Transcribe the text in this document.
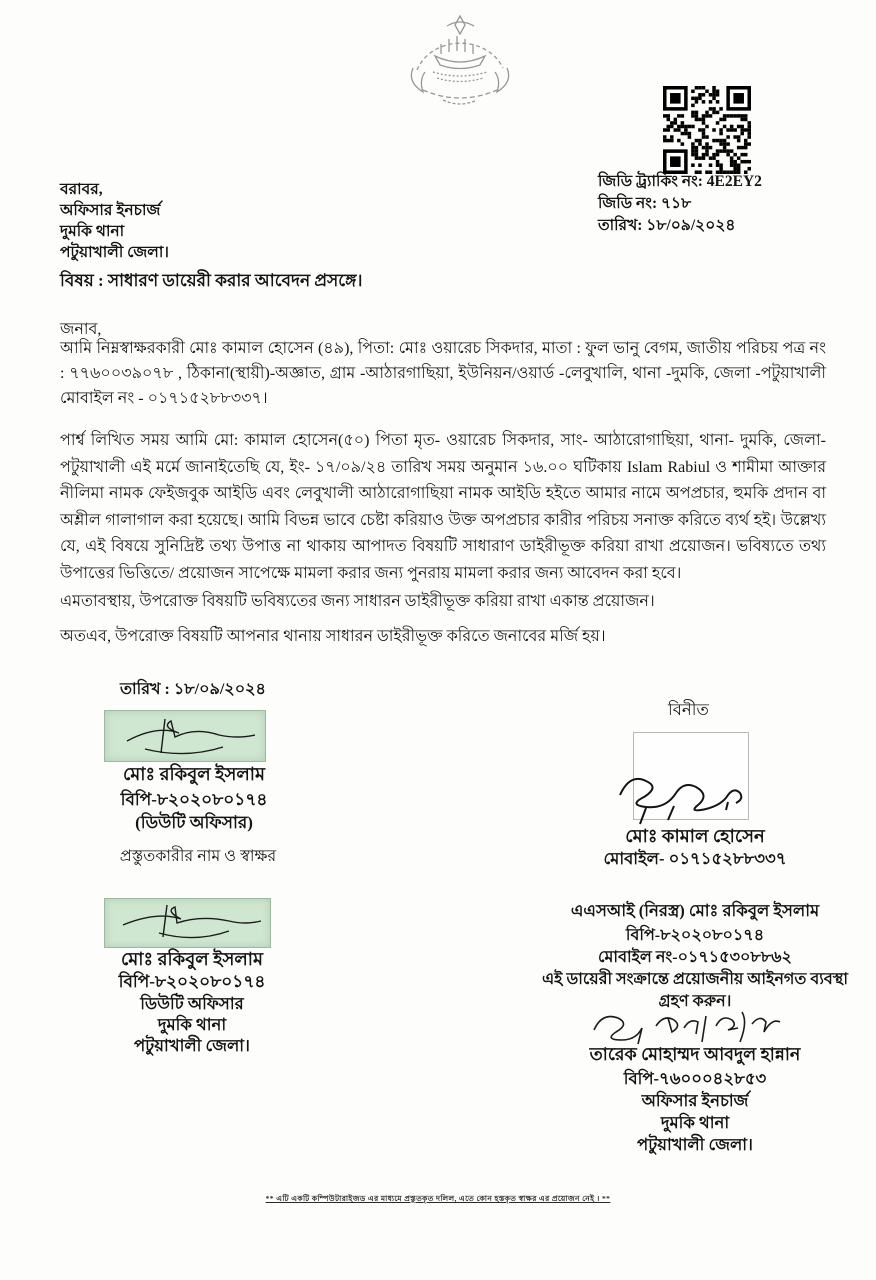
জিডি ট্র্যাকিং নং: 4E2EY2
জিডি নং: ৭১৮
তারিখ: ১৮/০৯/২০২৪
বরাবর,
অফিসার ইনচার্জ
দুমকি থানা
পটুয়াখালী জেলা।
বিষয় : সাধারণ ডায়েরী করার আবেদন প্রসঙ্গে।
জনাব,
আমি নিম্নস্বাক্ষরকারী মোঃ কামাল হোসেন (৪৯), পিতা: মোঃ ওয়ারেচ সিকদার, মাতা : ফুল ভানু বেগম, জাতীয় পরিচয় পত্র নং : ৭৭৬০০৩৯০৭৮ , ঠিকানা(স্থায়ী)-অজ্ঞাত, গ্রাম -আঠারগাছিয়া, ইউনিয়ন/ওয়ার্ড -লেবুখালি, থানা -দুমকি, জেলা -পটুয়াখালী মোবাইল নং - ০১৭১৫২৮৮৩৩৭।
পার্শ্ব লিখিত সময় আমি মো: কামাল হোসেন(৫০) পিতা মৃত- ওয়ারেচ সিকদার, সাং- আঠারোগাছিয়া, থানা- দুমকি, জেলা- পটুয়াখালী এই মর্মে জানাইতেছি যে, ইং- ১৭/০৯/২৪ তারিখ সময় অনুমান ১৬.০০ ঘটিকায় Islam Rabiul ও শামীমা আক্তার নীলিমা নামক ফেইজবুক আইডি এবং লেবুখালী আঠারোগাছিয়া নামক আইডি হইতে আমার নামে অপপ্রচার, হুমকি প্রদান বা অশ্লীল গালাগাল করা হয়েছে। আমি বিভন্ন ভাবে চেষ্টা করিয়াও উক্ত অপপ্রচার কারীর পরিচয় সনাক্ত করিতে ব্যর্থ হই। উল্লেখ্য যে, এই বিষয়ে সুনিদ্রিষ্ট তথ্য উপাত্ত না থাকায় আপাদত বিষয়টি সাধারাণ ডাইরীভূক্ত করিয়া রাখা প্রয়োজন। ভবিষ্যতে তথ্য উপাত্তের ভিত্তিতে/ প্রয়োজন সাপেক্ষে মামলা করার জন্য পুনরায় মামলা করার জন্য আবেদন করা হবে।
এমতাবস্থায়, উপরোক্ত বিষয়টি ভবিষ্যতের জন্য সাধারন ডাইরীভূক্ত করিয়া রাখা একান্ত প্রয়োজন।
অতএব, উপরোক্ত বিষয়টি আপনার থানায় সাধারন ডাইরীভূক্ত করিতে জনাবের মর্জি হয়।
তারিখ : ১৮/০৯/২০২৪
মোঃ রকিবুল ইসলাম
বিপি-৮২০২০৮০১৭৪
(ডিউটি অফিসার)
প্রস্তুতকারীর নাম ও স্বাক্ষর
বিনীত
মোঃ কামাল হোসেন
মোবাইল- ০১৭১৫২৮৮৩৩৭
মোঃ রকিবুল ইসলাম
বিপি-৮২০২০৮০১৭৪
ডিউটি অফিসার
দুমকি থানা
পটুয়াখালী জেলা।
এএসআই (নিরস্ত্র) মোঃ রকিবুল ইসলাম
বিপি-৮২০২০৮০১৭৪
মোবাইল নং-০১৭১৫৩০৮৮৬২
এই ডায়েরী সংক্রান্তে প্রয়োজনীয় আইনগত ব্যবস্থা
গ্রহণ করুন।
তারেক মোহাম্মদ আবদুল হান্নান
বিপি-৭৬০০০৪২৮৫৩
অফিসার ইনচার্জ
দুমকি থানা
পটুয়াখালী জেলা।
** এটি একটি কম্পিউটারাইজড এর মাধ্যমে প্রস্তুতকৃত দলিল, এতে কোন হস্তকৃত স্বাক্ষর এর প্রয়োজন নেই । **
